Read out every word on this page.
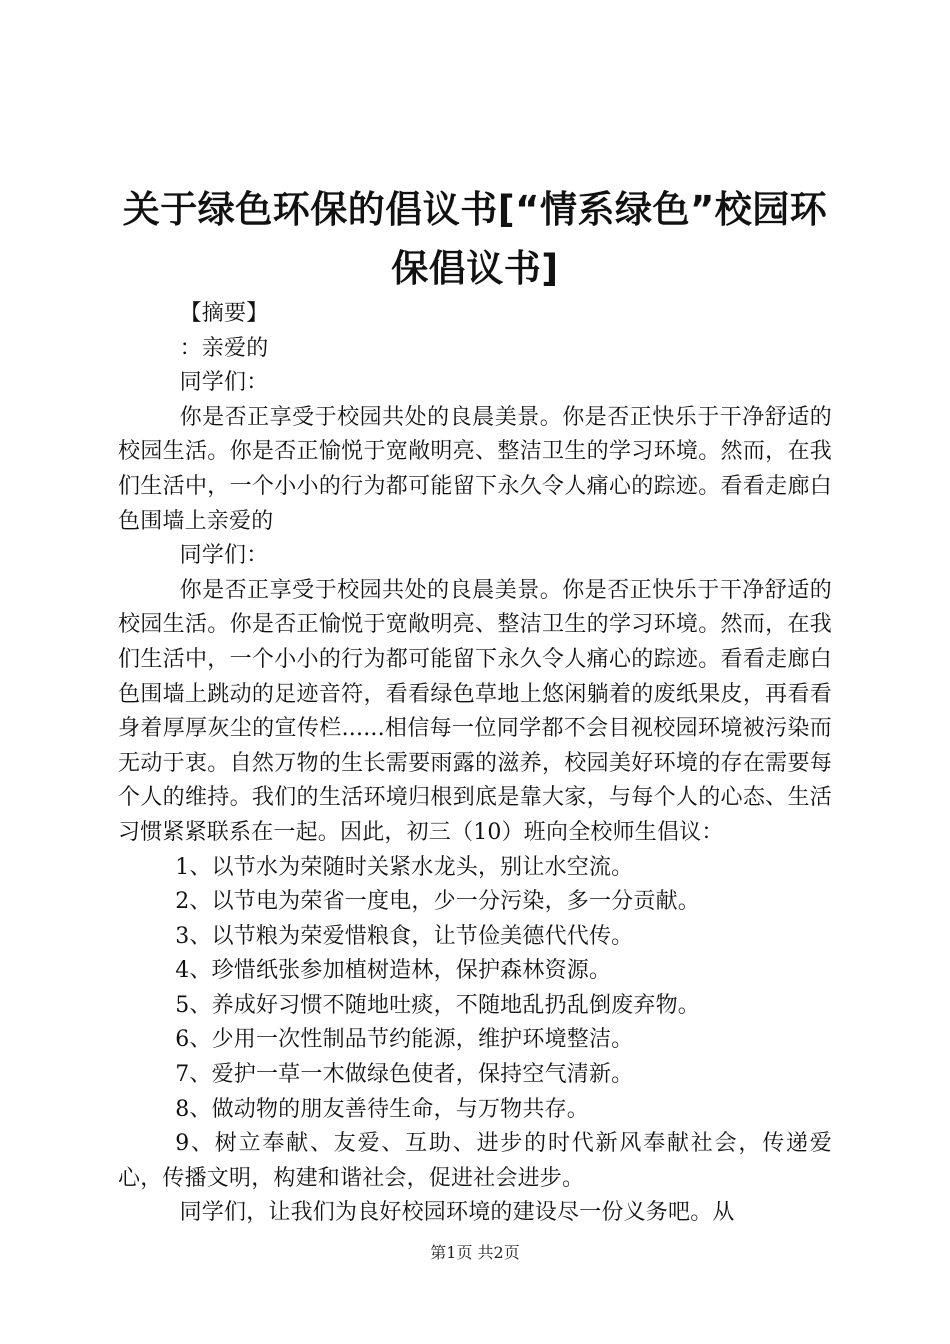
关于绿色环保的倡议书[“情系绿色”校园环保倡议书]

【摘要】

：亲爱的

同学们：

你是否正享受于校园共处的良晨美景。你是否正快乐于干净舒适的校园生活。你是否正愉悦于宽敞明亮、整洁卫生的学习环境。然而，在我们生活中，一个小小的行为都可能留下永久令人痛心的踪迹。看看走廊白色围墙上亲爱的

同学们：

你是否正享受于校园共处的良晨美景。你是否正快乐于干净舒适的校园生活。你是否正愉悦于宽敞明亮、整洁卫生的学习环境。然而，在我们生活中，一个小小的行为都可能留下永久令人痛心的踪迹。看看走廊白色围墙上跳动的足迹音符，看看绿色草地上悠闲躺着的废纸果皮，再看看身着厚厚灰尘的宣传栏......相信每一位同学都不会目视校园环境被污染而无动于衷。自然万物的生长需要雨露的滋养，校园美好环境的存在需要每个人的维持。我们的生活环境归根到底是靠大家，与每个人的心态、生活习惯紧紧联系在一起。因此，初三（10）班向全校师生倡议：

1、以节水为荣随时关紧水龙头，别让水空流。

2、以节电为荣省一度电，少一分污染，多一分贡献。

3、以节粮为荣爱惜粮食，让节俭美德代代传。

4、珍惜纸张参加植树造林，保护森林资源。

5、养成好习惯不随地吐痰，不随地乱扔乱倒废弃物。

6、少用一次性制品节约能源，维护环境整洁。

7、爱护一草一木做绿色使者，保持空气清新。

8、做动物的朋友善待生命，与万物共存。

9、树立奉献、友爱、互助、进步的时代新风奉献社会，传递爱心，传播文明，构建和谐社会，促进社会进步。

同学们，让我们为良好校园环境的建设尽一份义务吧。从

第1页 共2页
